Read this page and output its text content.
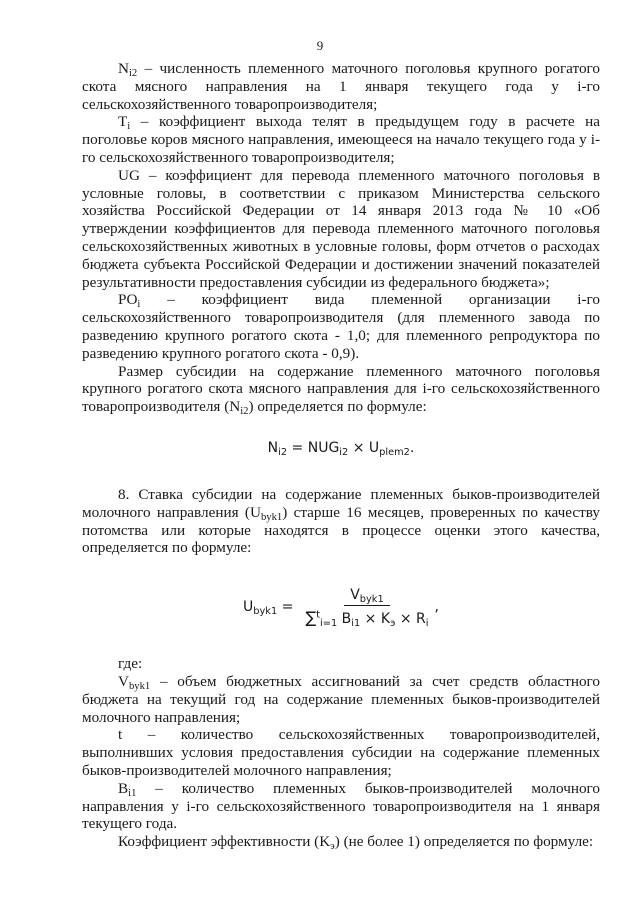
9

$N_{i2}$ – численность племенного маточного поголовья крупного рогатого скота мясного направления на 1 января текущего года у i-го сельскохозяйственного товаропроизводителя;

$T_i$ – коэффициент выхода телят в предыдущем году в расчете на поголовье коров мясного направления, имеющееся на начало текущего года у i-го сельскохозяйственного товаропроизводителя;

UG – коэффициент для перевода племенного маточного поголовья в условные головы, в соответствии с приказом Министерства сельского хозяйства Российской Федерации от 14 января 2013 года № 10 «Об утверждении коэффициентов для перевода племенного маточного поголовья сельскохозяйственных животных в условные головы, форм отчетов о расходах бюджета субъекта Российской Федерации и достижении значений показателей результативности предоставления субсидии из федерального бюджета»;

$PO_i$ – коэффициент вида племенной организации i-го сельскохозяйственного товаропроизводителя (для племенного завода по разведению крупного рогатого скота - 1,0; для племенного репродуктора по разведению крупного рогатого скота - 0,9).

Размер субсидии на содержание племенного маточного поголовья крупного рогатого скота мясного направления для i-го сельскохозяйственного товаропроизводителя $(N_{i2})$ определяется по формуле:

$N_{i2} = NUG_{i2} \times U_{plem2}$.

8. Ставка субсидии на содержание племенных быков-производителей молочного направления $(U_{byk1})$ старше 16 месяцев, проверенных по качеству потомства или которые находятся в процессе оценки этого качества, определяется по формуле:

$U_{byk1} = \frac{V_{byk1}}{\sum^t_{i=1} B_{i1} \times K_э \times R_i}$ ,

где:

$V_{byk1}$ – объем бюджетных ассигнований за счет средств областного бюджета на текущий год на содержание племенных быков-производителей молочного направления;

t – количество сельскохозяйственных товаропроизводителей, выполнивших условия предоставления субсидии на содержание племенных быков-производителей молочного направления;

$B_{i1}$ – количество племенных быков-производителей молочного направления у i-го сельскохозяйственного товаропроизводителя на 1 января текущего года.

Коэффициент эффективности $(K_э)$ (не более 1) определяется по формуле:
